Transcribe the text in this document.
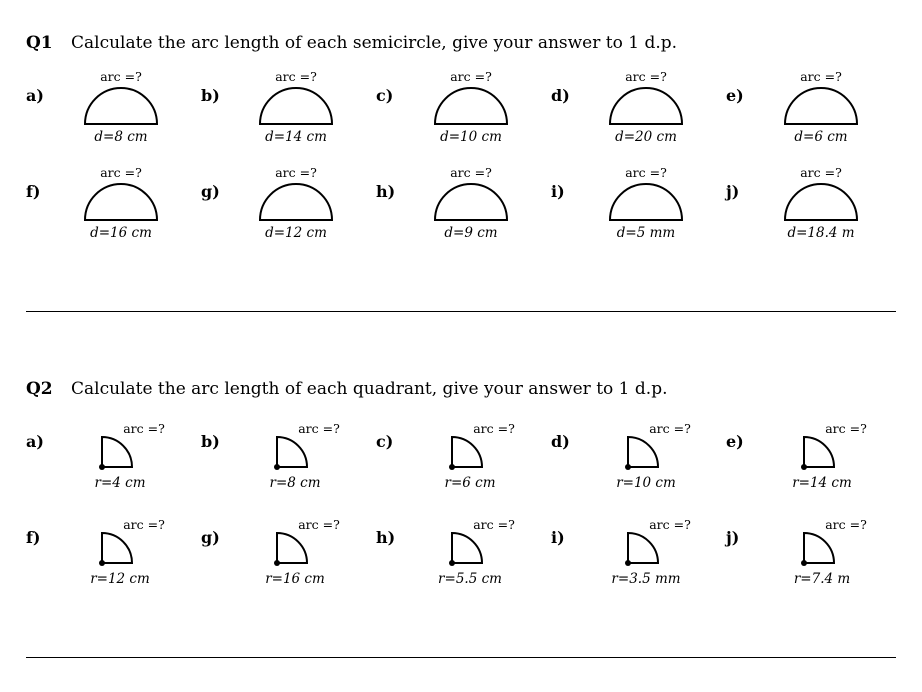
Q1 Calculate the arc length of each semicircle, give your answer to 1 d.p.
a)
arc =?
d=8 cm
b)
arc =?
d=14 cm
c)
arc =?
d=10 cm
d)
arc =?
d=20 cm
e)
arc =?
d=6 cm
f)
arc =?
d=16 cm
g)
arc =?
d=12 cm
h)
arc =?
d=9 cm
i)
arc =?
d=5 mm
j)
arc =?
d=18.4 m
Q2 Calculate the arc length of each quadrant, give your answer to 1 d.p.
a)
arc =?
r=4 cm
b)
arc =?
r=8 cm
c)
arc =?
r=6 cm
d)
arc =?
r=10 cm
e)
arc =?
r=14 cm
f)
arc =?
r=12 cm
g)
arc =?
r=16 cm
h)
arc =?
r=5.5 cm
i)
arc =?
r=3.5 mm
j)
arc =?
r=7.4 m
